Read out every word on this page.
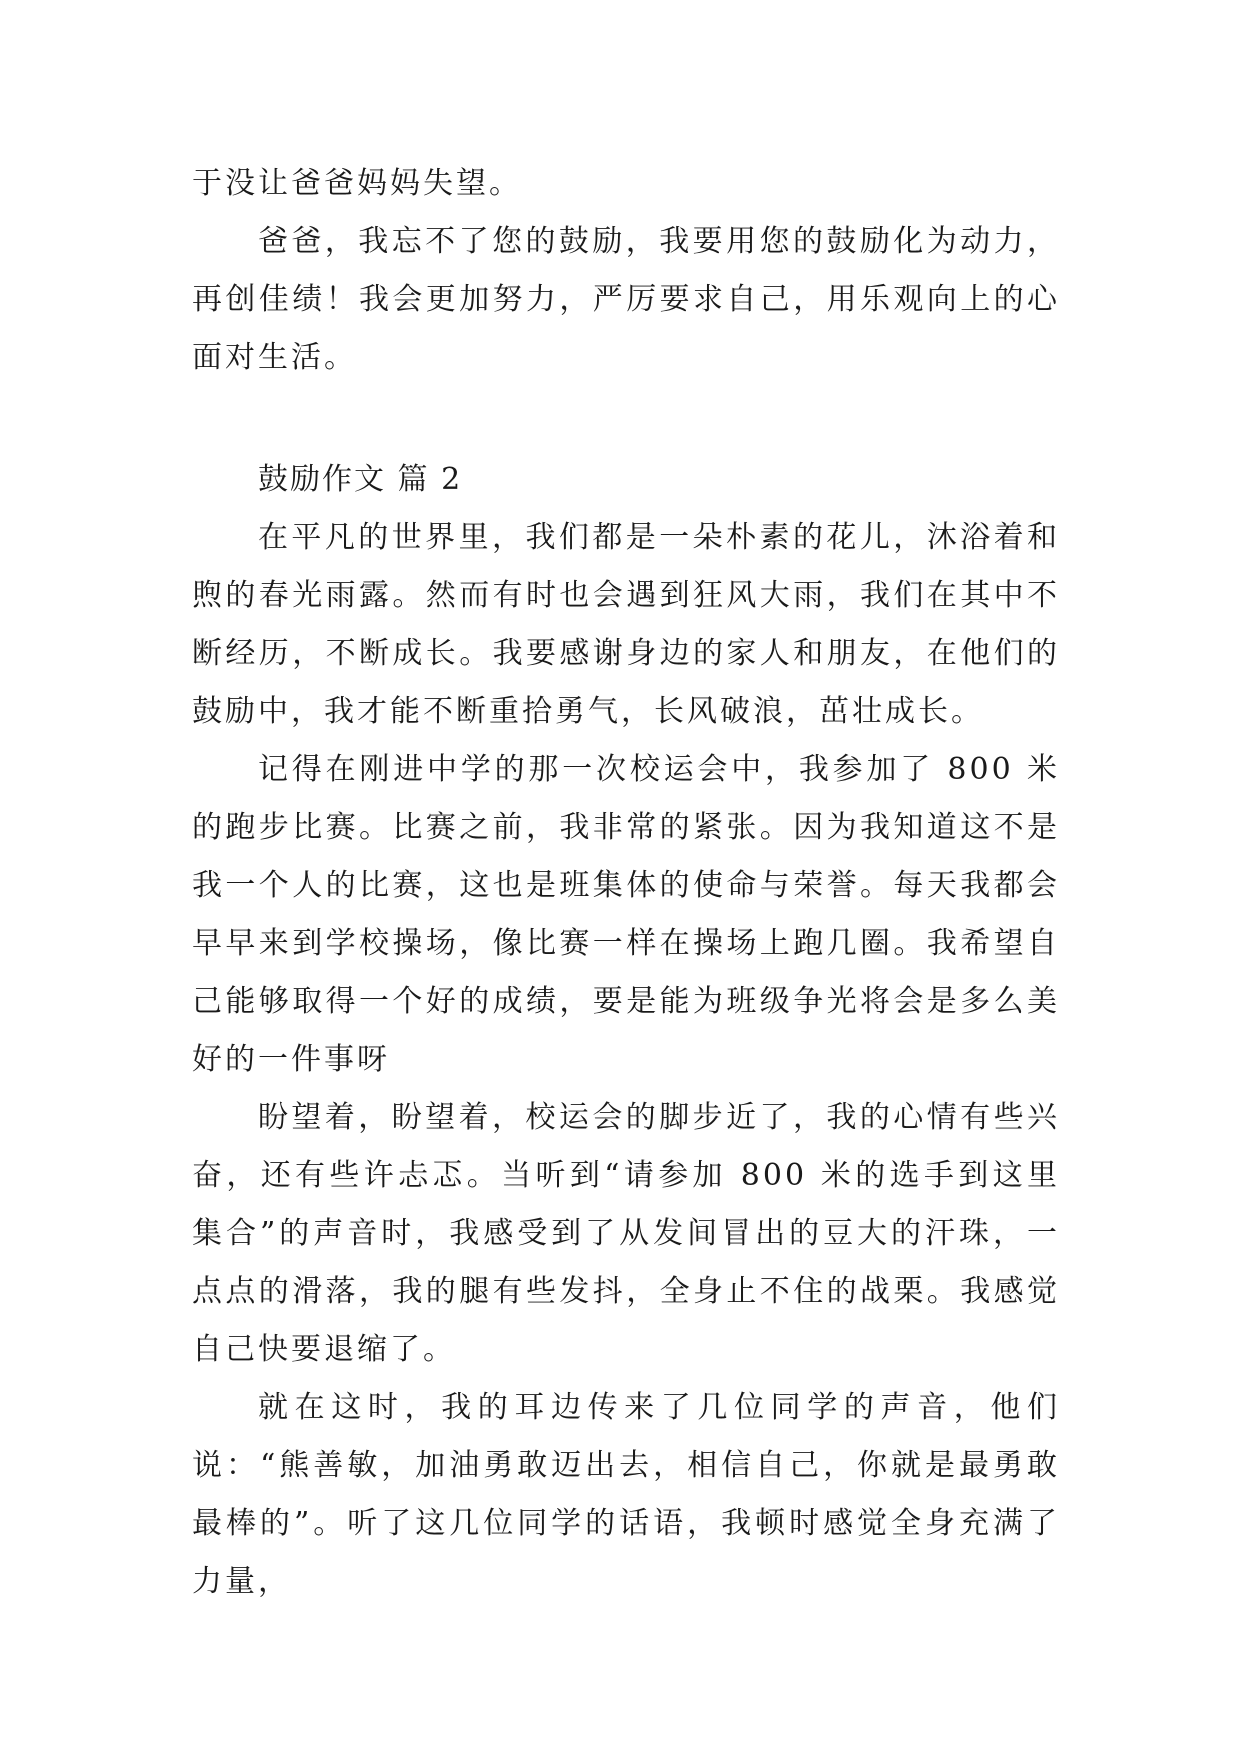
于没让爸爸妈妈失望。

爸爸，我忘不了您的鼓励，我要用您的鼓励化为动力，再创佳绩！我会更加努力，严厉要求自己，用乐观向上的心面对生活。

鼓励作文 篇 2

在平凡的世界里，我们都是一朵朴素的花儿，沐浴着和煦的春光雨露。然而有时也会遇到狂风大雨，我们在其中不断经历，不断成长。我要感谢身边的家人和朋友，在他们的鼓励中，我才能不断重拾勇气，长风破浪，茁壮成长。

记得在刚进中学的那一次校运会中，我参加了 800 米的跑步比赛。比赛之前，我非常的紧张。因为我知道这不是我一个人的比赛，这也是班集体的使命与荣誉。每天我都会早早来到学校操场，像比赛一样在操场上跑几圈。我希望自己能够取得一个好的成绩，要是能为班级争光将会是多么美好的一件事呀

盼望着，盼望着，校运会的脚步近了，我的心情有些兴奋，还有些许忐忑。当听到“请参加 800 米的选手到这里集合”的声音时，我感受到了从发间冒出的豆大的汗珠，一点点的滑落，我的腿有些发抖，全身止不住的战栗。我感觉自己快要退缩了。

就在这时，我的耳边传来了几位同学的声音，他们说：“熊善敏，加油勇敢迈出去，相信自己，你就是最勇敢最棒的”。听了这几位同学的话语，我顿时感觉全身充满了力量，
